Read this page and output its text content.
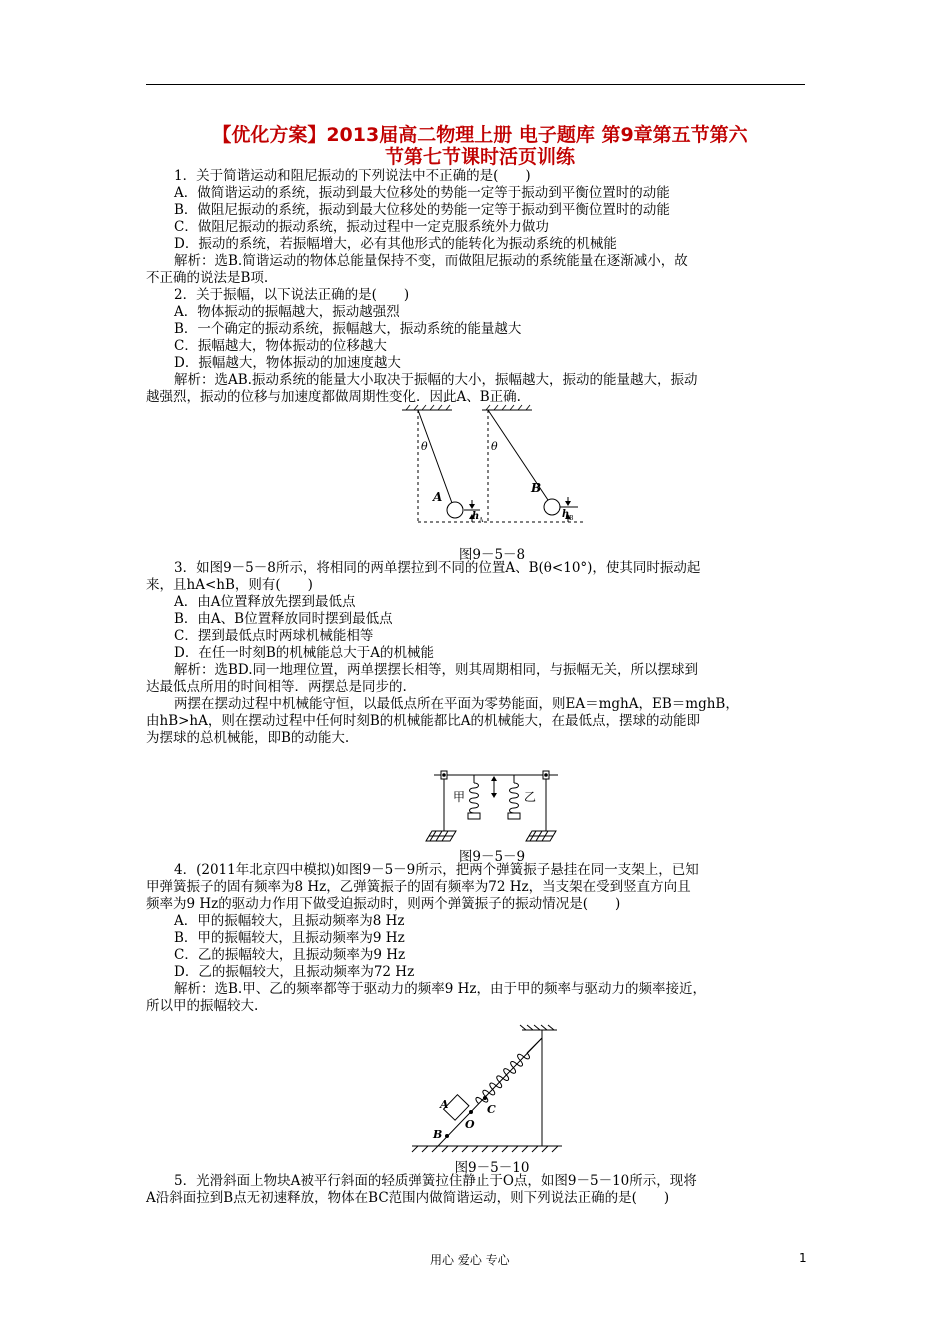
【优化方案】2013届高二物理上册 电子题库 第9章第五节第六
节第七节课时活页训练
1．关于简谐运动和阻尼振动的下列说法中不正确的是(　　)
A．做简谐运动的系统，振动到最大位移处的势能一定等于振动到平衡位置时的动能
B．做阻尼振动的系统，振动到最大位移处的势能一定等于振动到平衡位置时的动能
C．做阻尼振动的振动系统，振动过程中一定克服系统外力做功
D．振动的系统，若振幅增大，必有其他形式的能转化为振动系统的机械能
解析：选B.简谐运动的物体总能量保持不变，而做阻尼振动的系统能量在逐渐减小，故
不正确的说法是B项.
2．关于振幅，以下说法正确的是(　　)
A．物体振动的振幅越大，振动越强烈
B．一个确定的振动系统，振幅越大，振动系统的能量越大
C．振幅越大，物体振动的位移越大
D．振幅越大，物体振动的加速度越大
解析：选AB.振动系统的能量大小取决于振幅的大小，振幅越大，振动的能量越大，振动
越强烈，振动的位移与加速度都做周期性变化．因此A、B正确.
θ	θ
A
B
h A
h B
图9－5－8
3．如图9－5－8所示，将相同的两单摆拉到不同的位置A、B(θ<10°)，使其同时振动起
来，且hA<hB，则有(　　)
A．由A位置释放先摆到最低点
B．由A、B位置释放同时摆到最低点
C．摆到最低点时两球机械能相等
D．在任一时刻B的机械能总大于A的机械能
解析：选BD.同一地理位置，两单摆摆长相等，则其周期相同，与振幅无关，所以摆球到
达最低点所用的时间相等．两摆总是同步的.
两摆在摆动过程中机械能守恒，以最低点所在平面为零势能面，则EA＝mghA，EB＝mghB，
由hB>hA，则在摆动过程中任何时刻B的机械能都比A的机械能大，在最低点，摆球的动能即
为摆球的总机械能，即B的动能大.
甲	乙
图9－5－9
4．(2011年北京四中模拟)如图9－5－9所示，把两个弹簧振子悬挂在同一支架上，已知
甲弹簧振子的固有频率为8 Hz，乙弹簧振子的固有频率为72 Hz，当支架在受到竖直方向且
频率为9 Hz的驱动力作用下做受迫振动时，则两个弹簧振子的振动情况是(　　)
A．甲的振幅较大，且振动频率为8 Hz
B．甲的振幅较大，且振动频率为9 Hz
C．乙的振幅较大，且振动频率为9 Hz
D．乙的振幅较大，且振动频率为72 Hz
解析：选B.甲、乙的频率都等于驱动力的频率9 Hz，由于甲的频率与驱动力的频率接近，
所以甲的振幅较大.
A
B
O
C
图9－5－10
5．光滑斜面上物块A被平行斜面的轻质弹簧拉住静止于O点，如图9－5－10所示，现将
A沿斜面拉到B点无初速释放，物体在BC范围内做简谐运动，则下列说法正确的是(　　)
用心 爱心 专心	1
